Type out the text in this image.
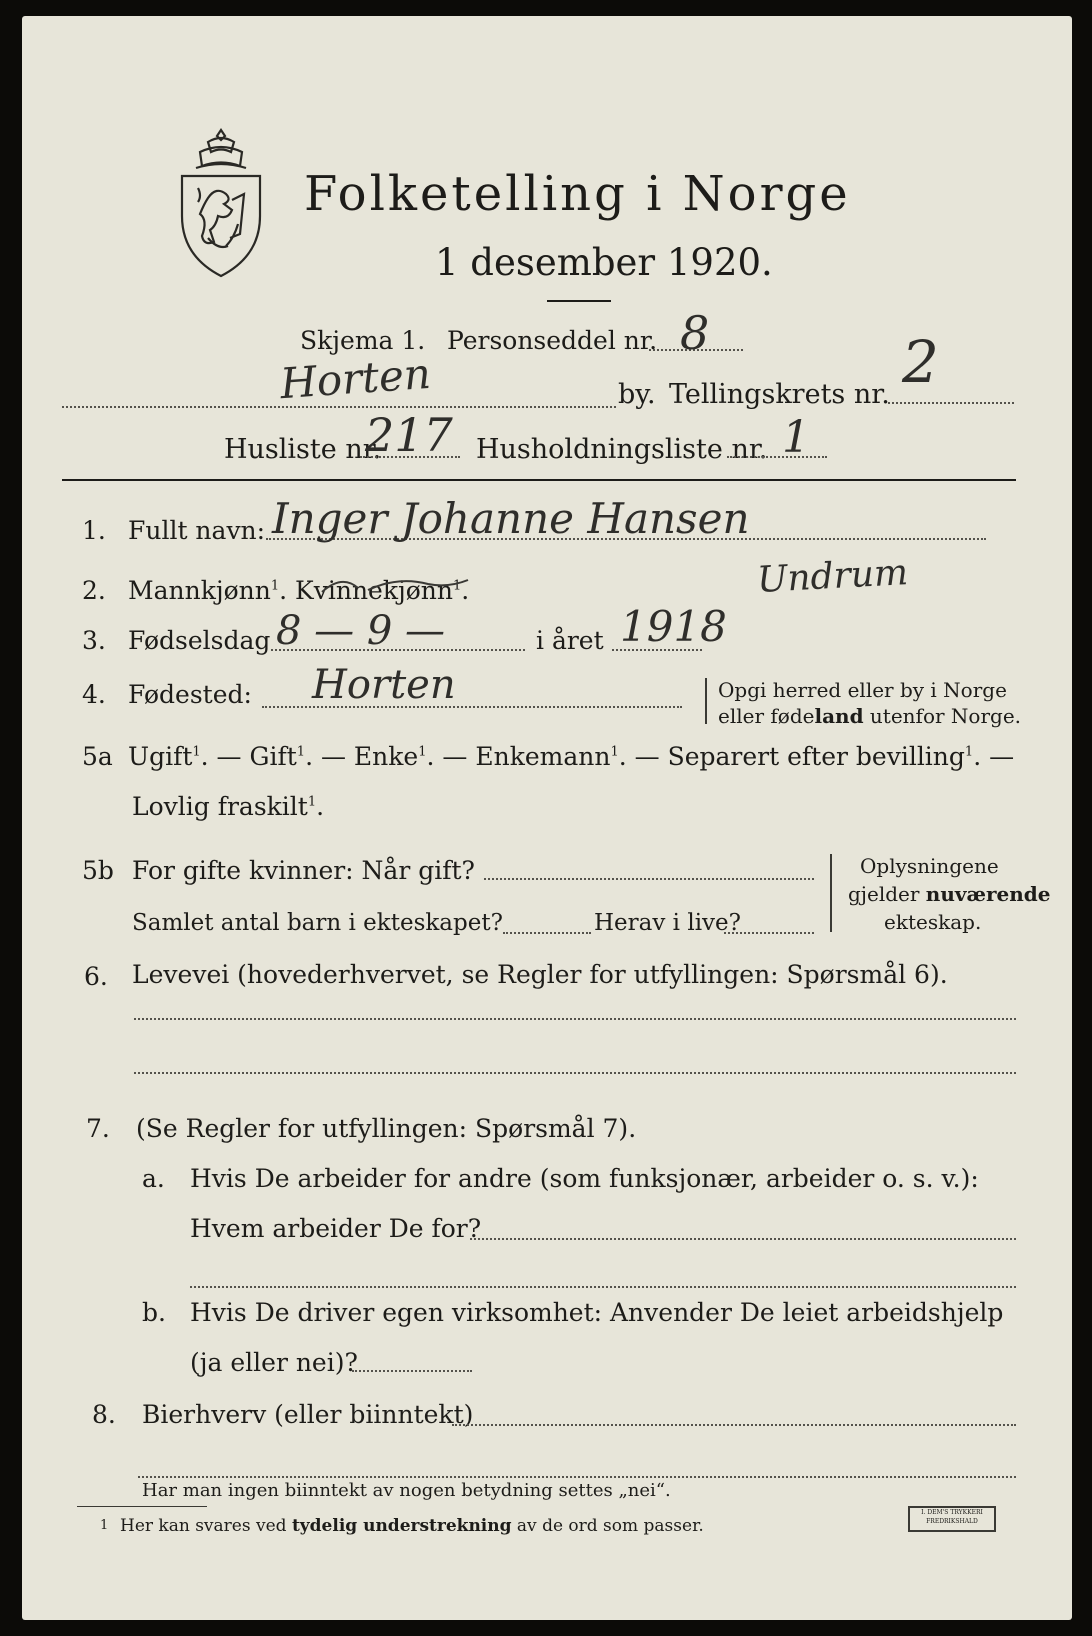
Folketelling i Norge
1 desember 1920.
Skjema 1. Personseddel nr. 8
Horten	by. Tellingskrets nr. 2
Husliste nr.
217 Husholdningsliste nr. 1
1. Fullt navn: Inger Johanne Hansen
Undrum
2. Mannkjønn$^1$. Kvinnekjønn$^1$.
3. Fødselsdag 8 — 9 —	i året 1918
4. Fødested: Horten	Opgi herred eller by i Norge
eller fødeland utenfor Norge.
5a Ugift$^1$. — Gift$^1$. — Enke$^1$. — Enkemann$^1$. — Separert efter bevilling$^1$. —
Lovlig fraskilt$^1$.
5b For gifte kvinner: Når gift?
Samlet antal barn i ekteskapet?	Herav i live?
Oplysningene
gjelder nuværende
ekteskap.
6. Levevei (hovederhvervet, se Regler for utfyllingen: Spørsmål 6).
7. (Se Regler for utfyllingen: Spørsmål 7).
a. Hvis De arbeider for andre (som funksjonær, arbeider o. s. v.):
Hvem arbeider De for?
b. Hvis De driver egen virksomhet: Anvender De leiet arbeidshjelp
(ja eller nei)?
8. Bierhverv (eller biinntekt)
Har man ingen biinntekt av nogen betydning settes „nei“.
1 Her kan svares ved tydelig understrekning av de ord som passer.
I. DEM'S TRYKKERI
FREDRIKSHALD
